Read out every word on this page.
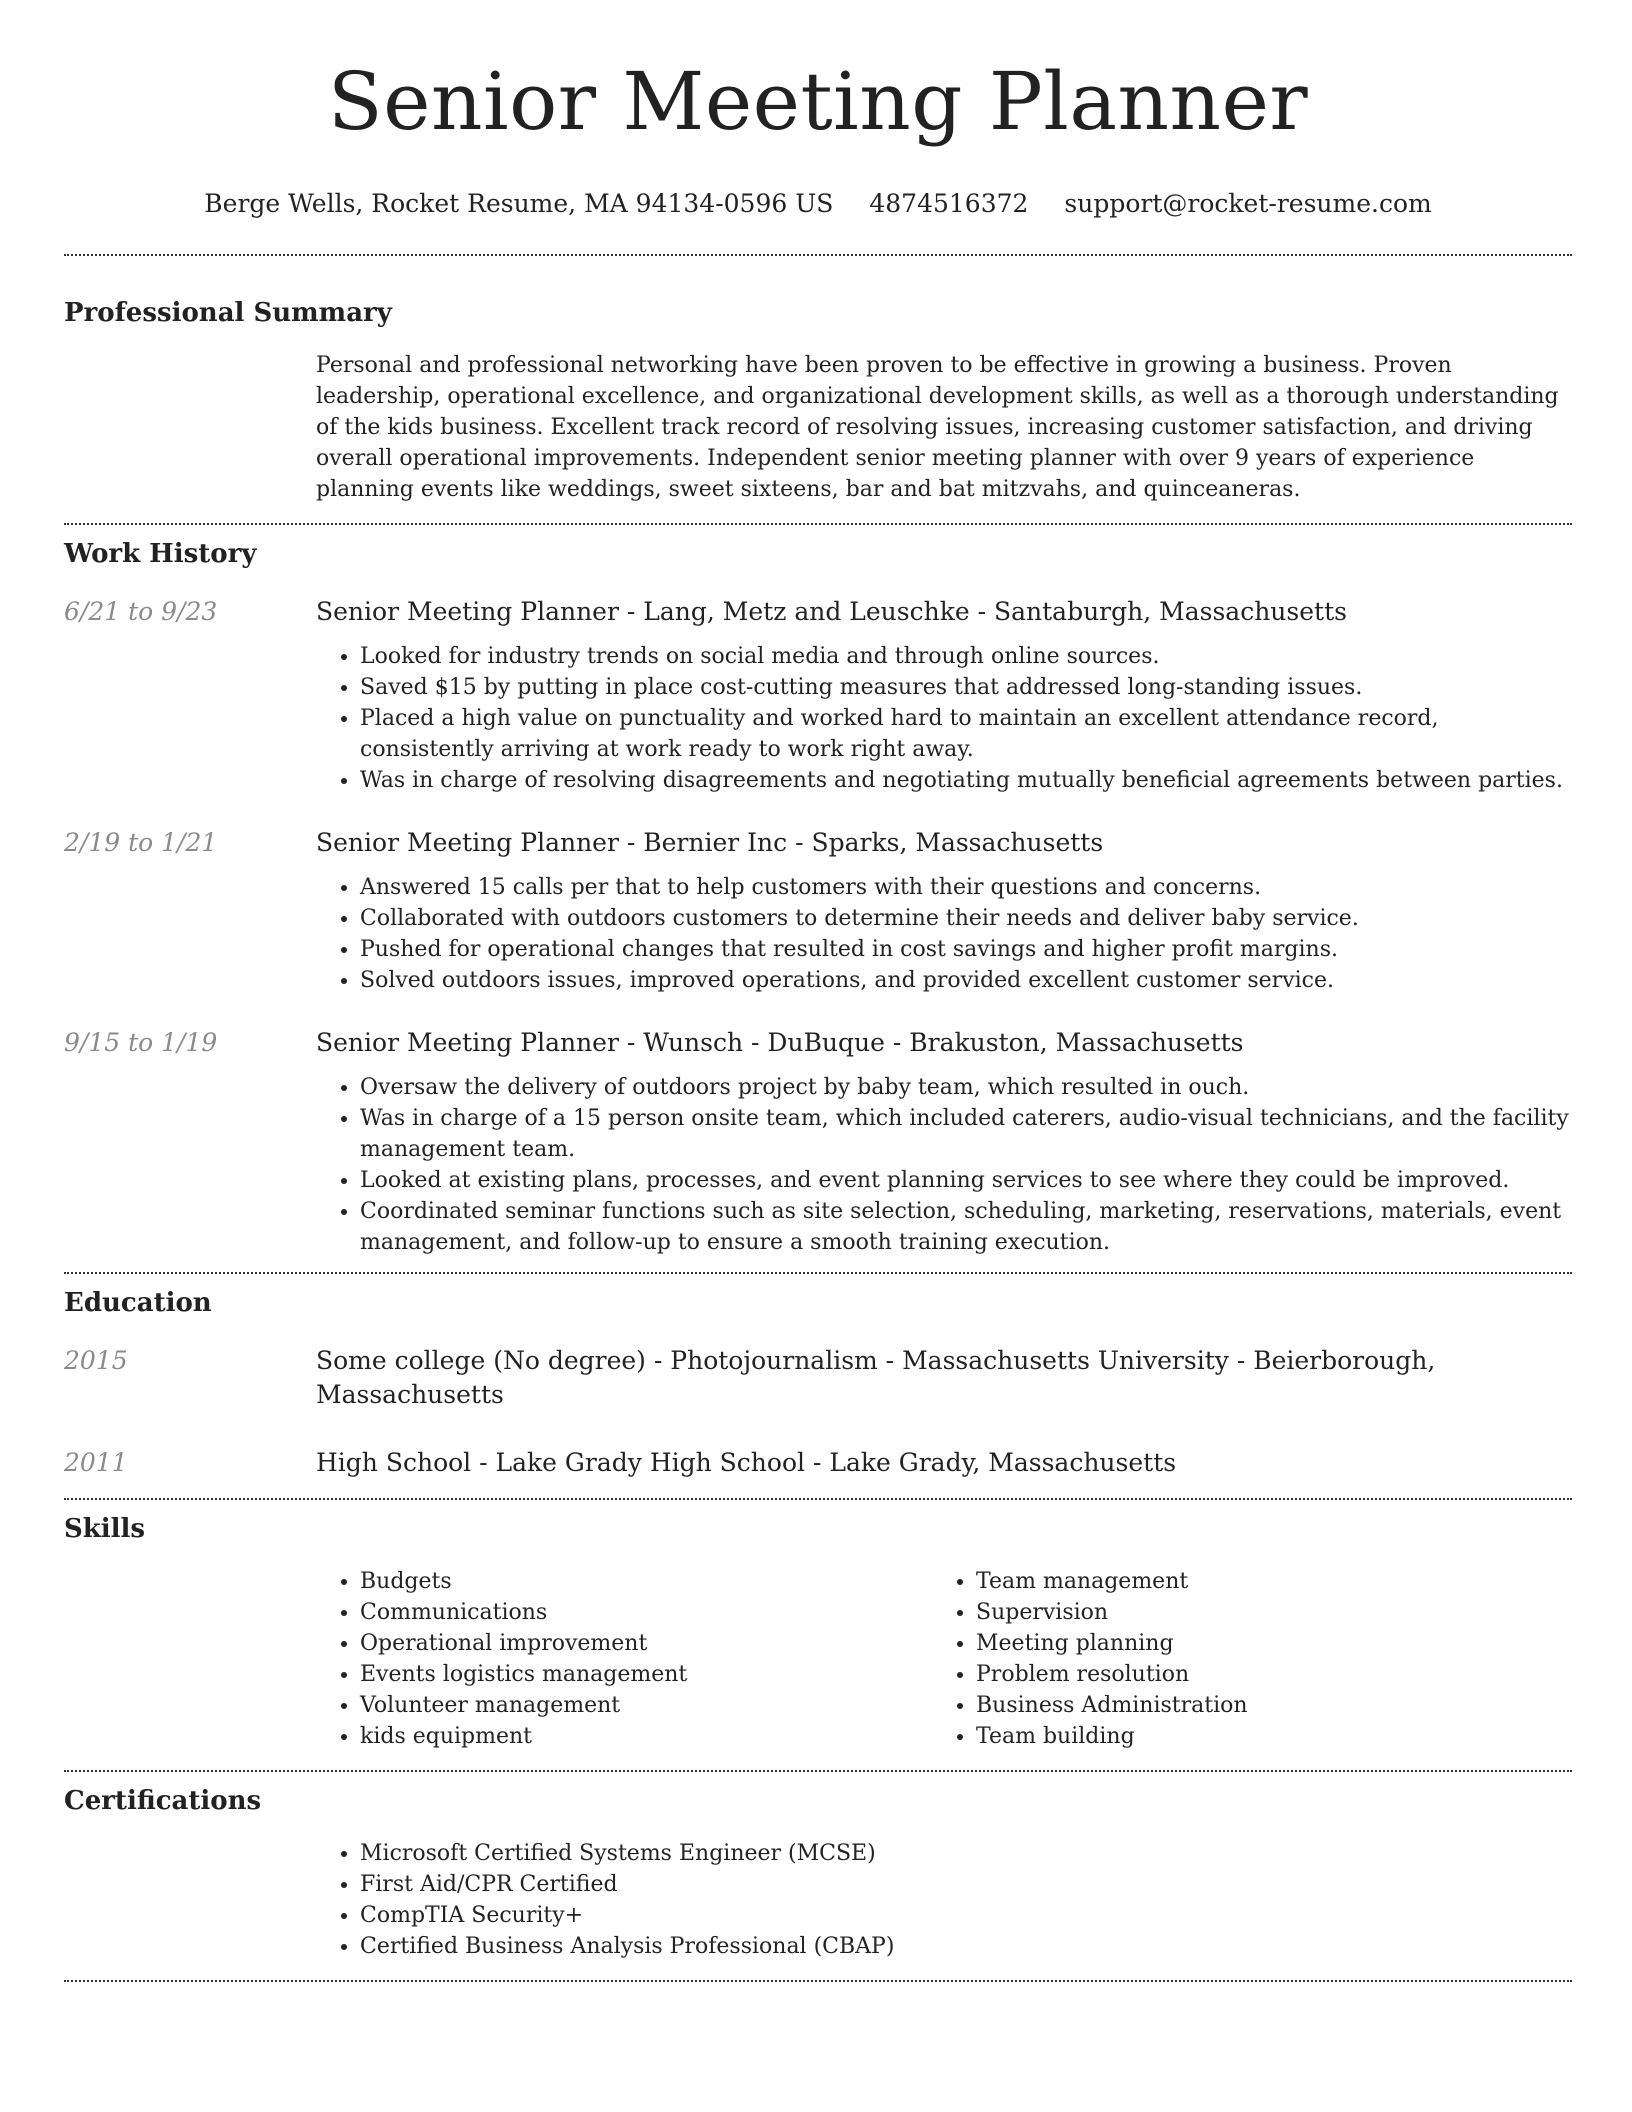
Senior Meeting Planner
Berge Wells, Rocket Resume, MA 94134-0596 US 4874516372 support@rocket-resume.com
Professional Summary
Personal and professional networking have been proven to be effective in growing a business. Proven leadership, operational excellence, and organizational development skills, as well as a thorough understanding of the kids business. Excellent track record of resolving issues, increasing customer satisfaction, and driving overall operational improvements. Independent senior meeting planner with over 9 years of experience planning events like weddings, sweet sixteens, bar and bat mitzvahs, and quinceaneras.
Work History
6/21 to 9/23	Senior Meeting Planner - Lang, Metz and Leuschke - Santaburgh, Massachusetts
• Looked for industry trends on social media and through online sources.
• Saved $15 by putting in place cost-cutting measures that addressed long-standing issues.
• Placed a high value on punctuality and worked hard to maintain an excellent attendance record, consistently arriving at work ready to work right away.
• Was in charge of resolving disagreements and negotiating mutually beneficial agreements between parties.
2/19 to 1/21	Senior Meeting Planner - Bernier Inc - Sparks, Massachusetts
• Answered 15 calls per that to help customers with their questions and concerns.
• Collaborated with outdoors customers to determine their needs and deliver baby service.
• Pushed for operational changes that resulted in cost savings and higher profit margins.
• Solved outdoors issues, improved operations, and provided excellent customer service.
9/15 to 1/19	Senior Meeting Planner - Wunsch - DuBuque - Brakuston, Massachusetts
• Oversaw the delivery of outdoors project by baby team, which resulted in ouch.
• Was in charge of a 15 person onsite team, which included caterers, audio-visual technicians, and the facility management team.
• Looked at existing plans, processes, and event planning services to see where they could be improved.
• Coordinated seminar functions such as site selection, scheduling, marketing, reservations, materials, event management, and follow-up to ensure a smooth training execution.
Education
2015	Some college (No degree) - Photojournalism - Massachusetts University - Beierborough, Massachusetts
2011	High School - Lake Grady High School - Lake Grady, Massachusetts
Skills
• Budgets
• Communications
• Operational improvement
• Events logistics management
• Volunteer management
• kids equipment
• Team management
• Supervision
• Meeting planning
• Problem resolution
• Business Administration
• Team building
Certifications
• Microsoft Certified Systems Engineer (MCSE)
• First Aid/CPR Certified
• CompTIA Security+
• Certified Business Analysis Professional (CBAP)
